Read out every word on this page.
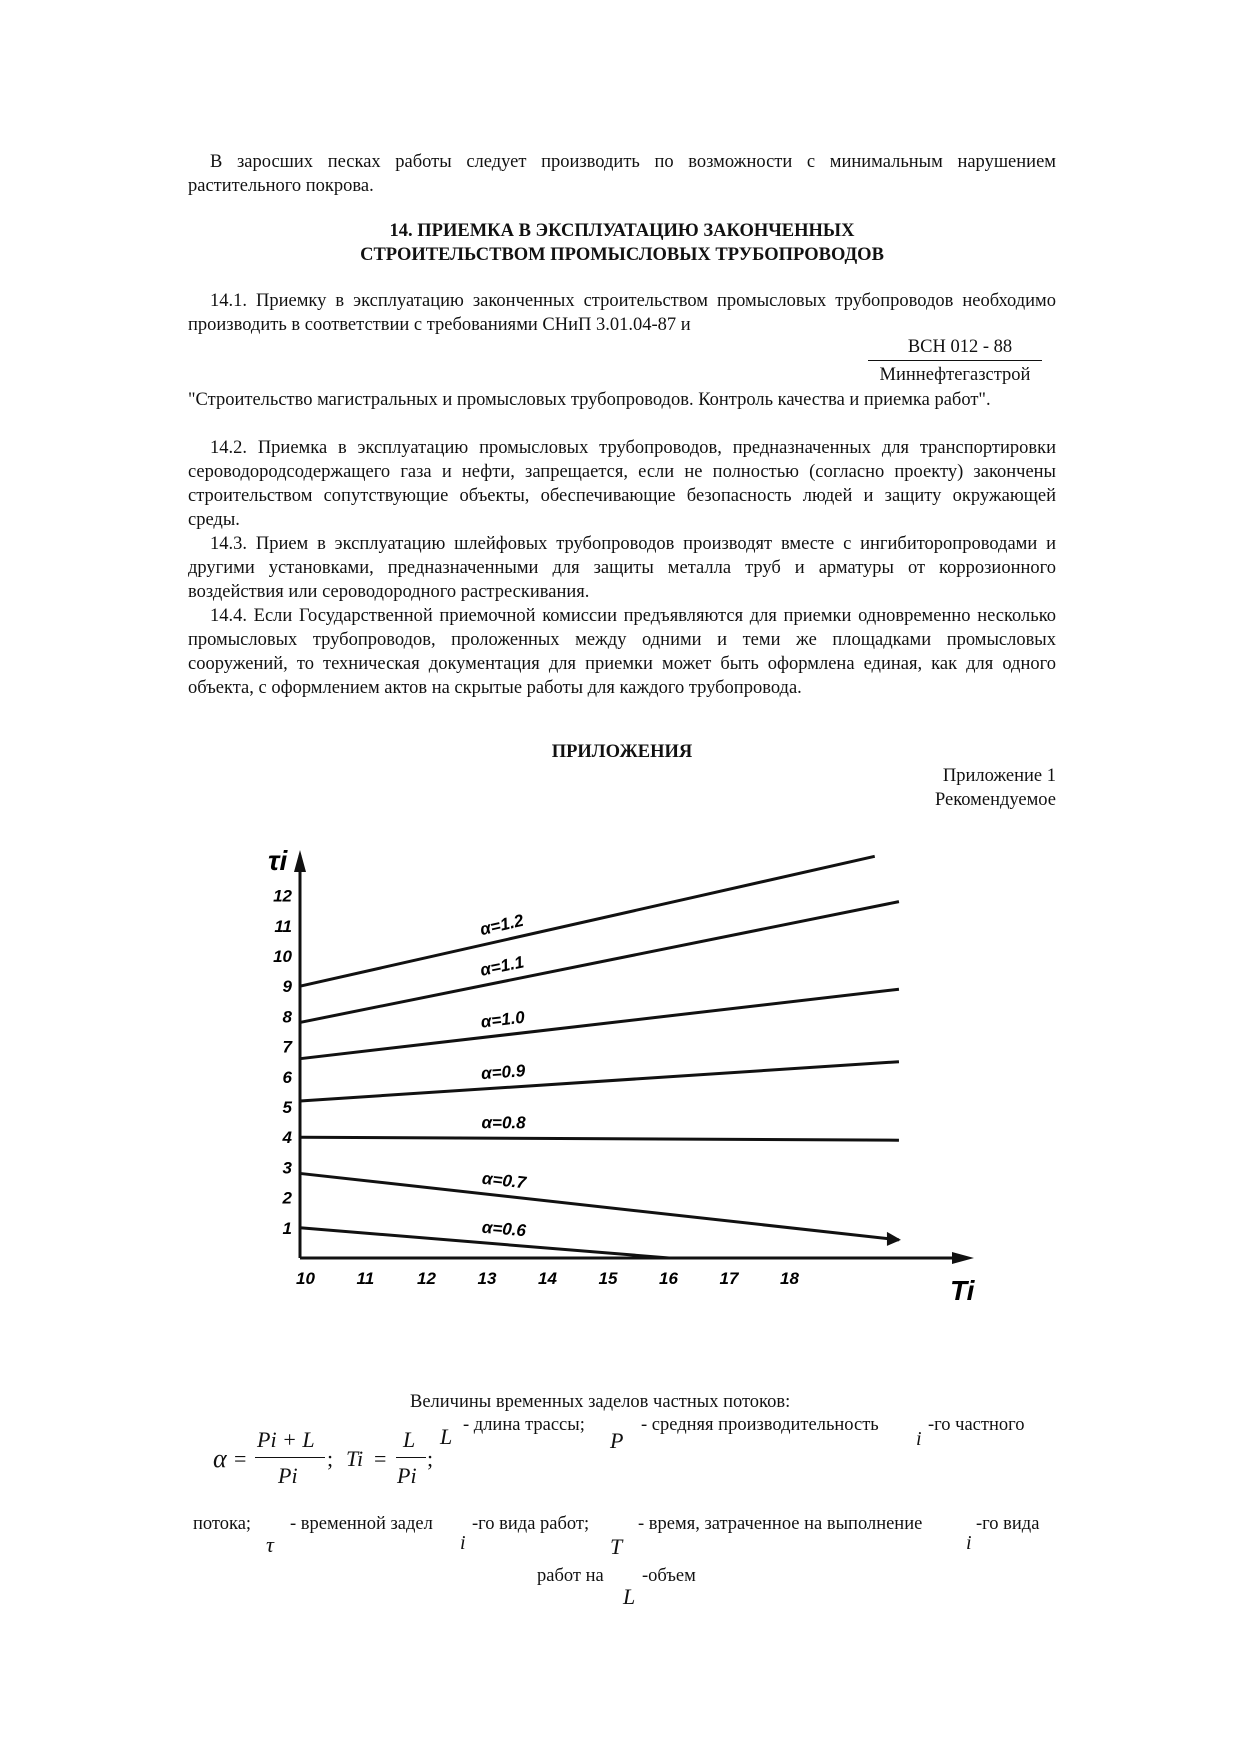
В заросших песках работы следует производить по возможности с минимальным нарушением растительного покрова.
14. ПРИЕМКА В ЭКСПЛУАТАЦИЮ ЗАКОНЧЕННЫХ
СТРОИТЕЛЬСТВОМ ПРОМЫСЛОВЫХ ТРУБОПРОВОДОВ
14.1. Приемку в эксплуатацию законченных строительством промысловых трубопроводов необходимо производить в соответствии с требованиями СНиП 3.01.04-87 и
ВСН 012 - 88
Миннефтегазстрой
"Строительство магистральных и промысловых трубопроводов. Контроль качества и приемка работ".
14.2. Приемка в эксплуатацию промысловых трубопроводов, предназначенных для транспортировки сероводородсодержащего газа и нефти, запрещается, если не полностью (согласно проекту) закончены строительством сопутствующие объекты, обеспечивающие безопасность людей и защиту окружающей среды.
14.3. Прием в эксплуатацию шлейфовых трубопроводов производят вместе с ингибиторопроводами и другими установками, предназначенными для защиты металла труб и арматуры от коррозионного воздействия или сероводородного растрескивания.
14.4. Если Государственной приемочной комиссии предъявляются для приемки одновременно несколько промысловых трубопроводов, проложенных между одними и теми же площадками промысловых сооружений, то техническая документация для приемки может быть оформлена единая, как для одного объекта, с оформлением актов на скрытые работы для каждого трубопровода.
ПРИЛОЖЕНИЯ
Приложение 1
Рекомендуемое
τi
Ti
10 11	12 13 14 15 16 17 18
1
2
3
4
5
6
7
8
9
10
11
12
α=1.2
α=1.1
α=1.0
α=0.9
α=0.8
α=0.7
α=0.6
Величины временных заделов частных потоков:
- длина трассы;	- средняя производительность	-го частного
α =
Pi + L
Pi
; Ti =
L
Pi
;
L	P	i
потока; - временной задел -го вида работ;	- время, затраченное на выполнение	-го вида
τ	i	T	i
работ на -объем
L
